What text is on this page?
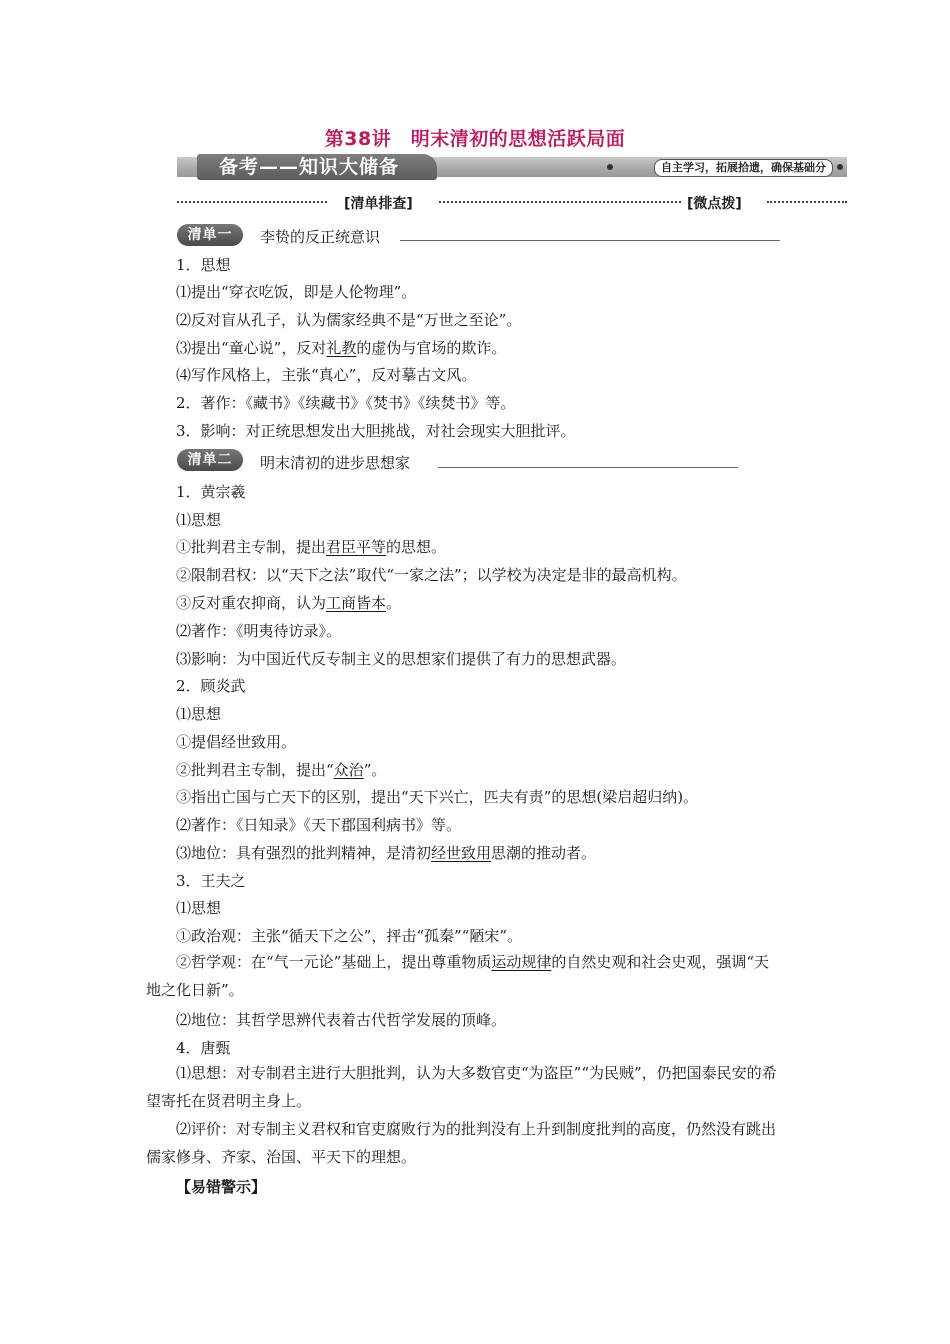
第38讲　明末清初的思想活跃局面
备考——知识大储备	自主学习，拓展拾遗，确保基础分
[清单排查]	[微点拨]
清单一	李贽的反正统意识
1．思想
⑴提出“穿衣吃饭，即是人伦物理”。
⑵反对盲从孔子，认为儒家经典不是“万世之至论”。
⑶提出“童心说”，反对礼教的虚伪与官场的欺诈。
⑷写作风格上，主张“真心”，反对摹古文风。
2．著作：《藏书》《续藏书》《焚书》《续焚书》等。
3．影响：对正统思想发出大胆挑战，对社会现实大胆批评。
清单二	明末清初的进步思想家
1．黄宗羲
⑴思想
①批判君主专制，提出君臣平等的思想。
②限制君权：以“天下之法”取代“一家之法”；以学校为决定是非的最高机构。
③反对重农抑商，认为工商皆本。
⑵著作：《明夷待访录》。
⑶影响：为中国近代反专制主义的思想家们提供了有力的思想武器。
2．顾炎武
⑴思想
①提倡经世致用。
②批判君主专制，提出“众治”。
③指出亡国与亡天下的区别，提出“天下兴亡，匹夫有责”的思想(梁启超归纳)。
⑵著作：《日知录》《天下郡国利病书》等。
⑶地位：具有强烈的批判精神，是清初经世致用思潮的推动者。
3．王夫之
⑴思想
①政治观：主张“循天下之公”，抨击“孤秦”“陋宋”。
②哲学观：在“气一元论”基础上，提出尊重物质运动规律的自然史观和社会史观，强调“天地之化日新”。
⑵地位：其哲学思辨代表着古代哲学发展的顶峰。
4．唐甄
⑴思想：对专制君主进行大胆批判，认为大多数官吏“为盗臣”“为民贼”，仍把国泰民安的希望寄托在贤君明主身上。
⑵评价：对专制主义君权和官吏腐败行为的批判没有上升到制度批判的高度，仍然没有跳出儒家修身、齐家、治国、平天下的理想。
【易错警示】
